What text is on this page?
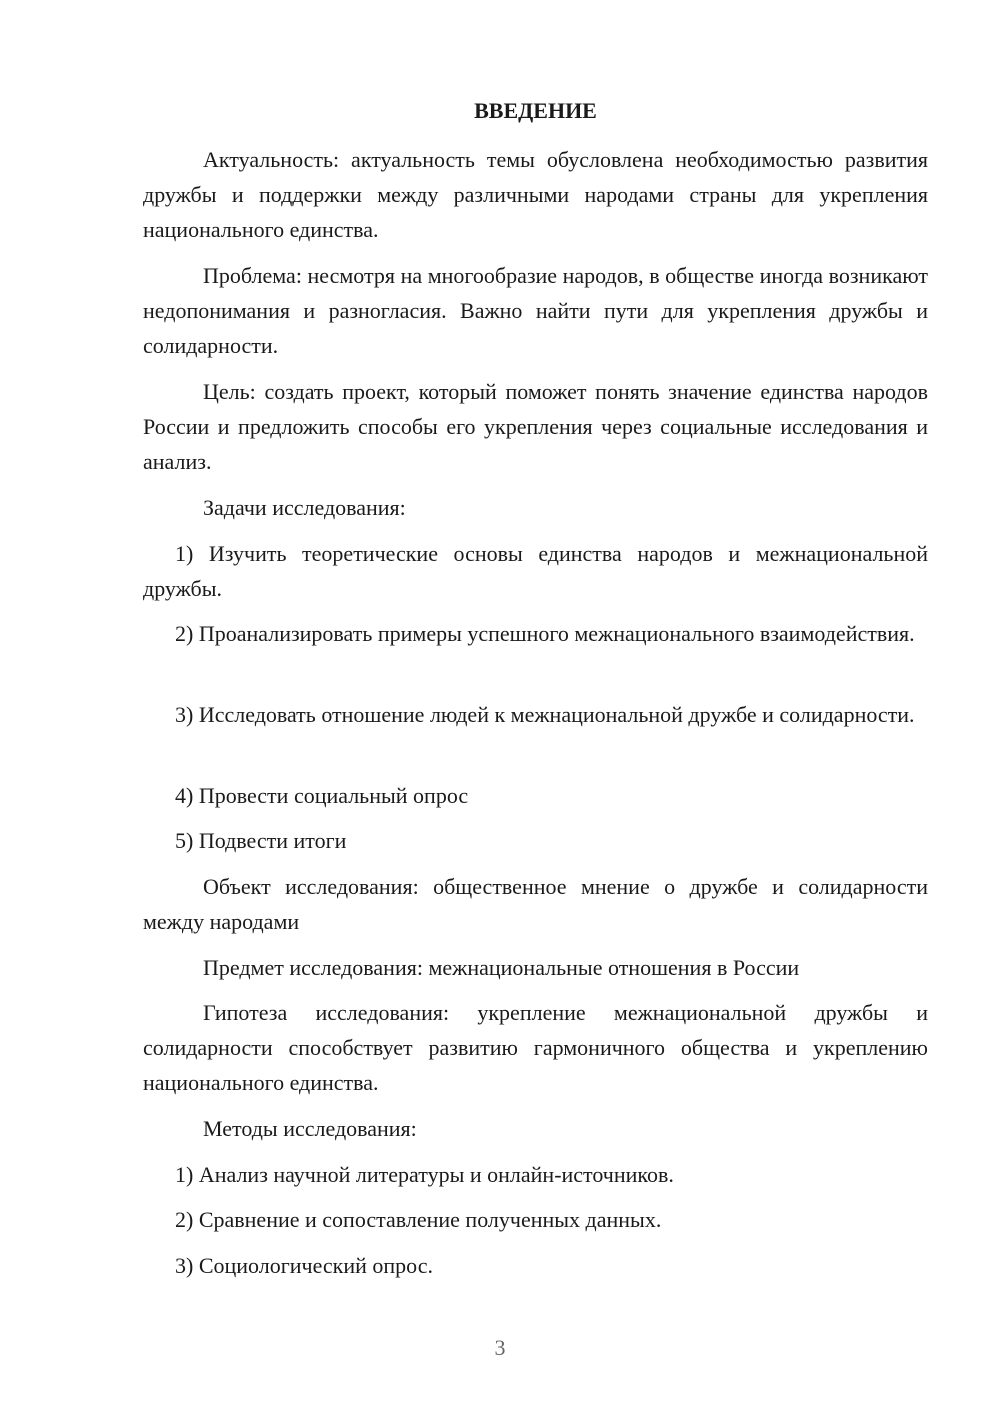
ВВЕДЕНИЕ

Актуальность: актуальность темы обусловлена необходимостью развития дружбы и поддержки между различными народами страны для укрепления национального единства.

Проблема: несмотря на многообразие народов, в обществе иногда возникают недопонимания и разногласия. Важно найти пути для укрепления дружбы и солидарности.

Цель: создать проект, который поможет понять значение единства народов России и предложить способы его укрепления через социальные исследования и анализ.

Задачи исследования:

1) Изучить теоретические основы единства народов и межнациональной дружбы.

2) Проанализировать примеры успешного межнационального взаимодействия.

3) Исследовать отношение людей к межнациональной дружбе и солидарности.

4) Провести социальный опрос

5) Подвести итоги

Объект исследования: общественное мнение о дружбе и солидарности между народами

Предмет исследования: межнациональные отношения в России

Гипотеза исследования: укрепление межнациональной дружбы и солидарности способствует развитию гармоничного общества и укреплению национального единства.

Методы исследования:

1) Анализ научной литературы и онлайн-источников.

2) Сравнение и сопоставление полученных данных.

3) Социологический опрос.

3
